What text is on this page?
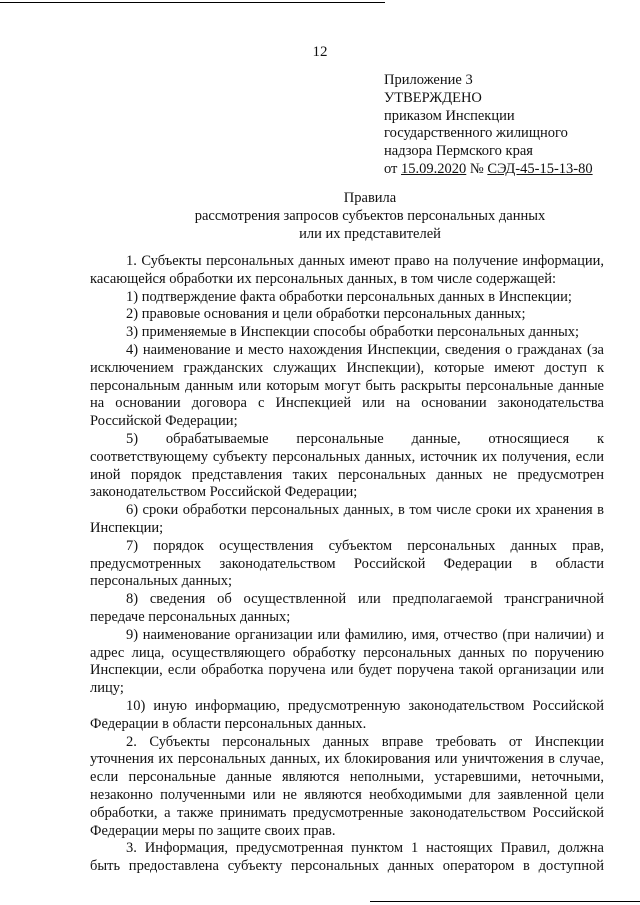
12
Приложение 3
УТВЕРЖДЕНО
приказом Инспекции
государственного жилищного
надзора Пермского края
от 15.09.2020 № СЭД-45-15-13-80
Правила
рассмотрения запросов субъектов персональных данных
или их представителей

1. Субъекты персональных данных имеют право на получение информации, касающейся обработки их персональных данных, в том числе содержащей:

1) подтверждение факта обработки персональных данных в Инспекции;

2) правовые основания и цели обработки персональных данных;

3) применяемые в Инспекции способы обработки персональных данных;

4) наименование и место нахождения Инспекции, сведения о гражданах (за исключением гражданских служащих Инспекции), которые имеют доступ к персональным данным или которым могут быть раскрыты персональные данные на основании договора с Инспекцией или на основании законодательства Российской Федерации;

5) обрабатываемые персональные данные, относящиеся к соответствующему субъекту персональных данных, источник их получения, если иной порядок представления таких персональных данных не предусмотрен законодательством Российской Федерации;

6) сроки обработки персональных данных, в том числе сроки их хранения в Инспекции;

7) порядок осуществления субъектом персональных данных прав, предусмотренных законодательством Российской Федерации в области персональных данных;

8) сведения об осуществленной или предполагаемой трансграничной передаче персональных данных;

9) наименование организации или фамилию, имя, отчество (при наличии) и адрес лица, осуществляющего обработку персональных данных по поручению Инспекции, если обработка поручена или будет поручена такой организации или лицу;

10) иную информацию, предусмотренную законодательством Российской Федерации в области персональных данных.

2. Субъекты персональных данных вправе требовать от Инспекции уточнения их персональных данных, их блокирования или уничтожения в случае, если персональные данные являются неполными, устаревшими, неточными, незаконно полученными или не являются необходимыми для заявленной цели обработки, а также принимать предусмотренные законодательством Российской Федерации меры по защите своих прав.

3. Информация, предусмотренная пунктом 1 настоящих Правил, должна быть предоставлена субъекту персональных данных оператором в доступной
